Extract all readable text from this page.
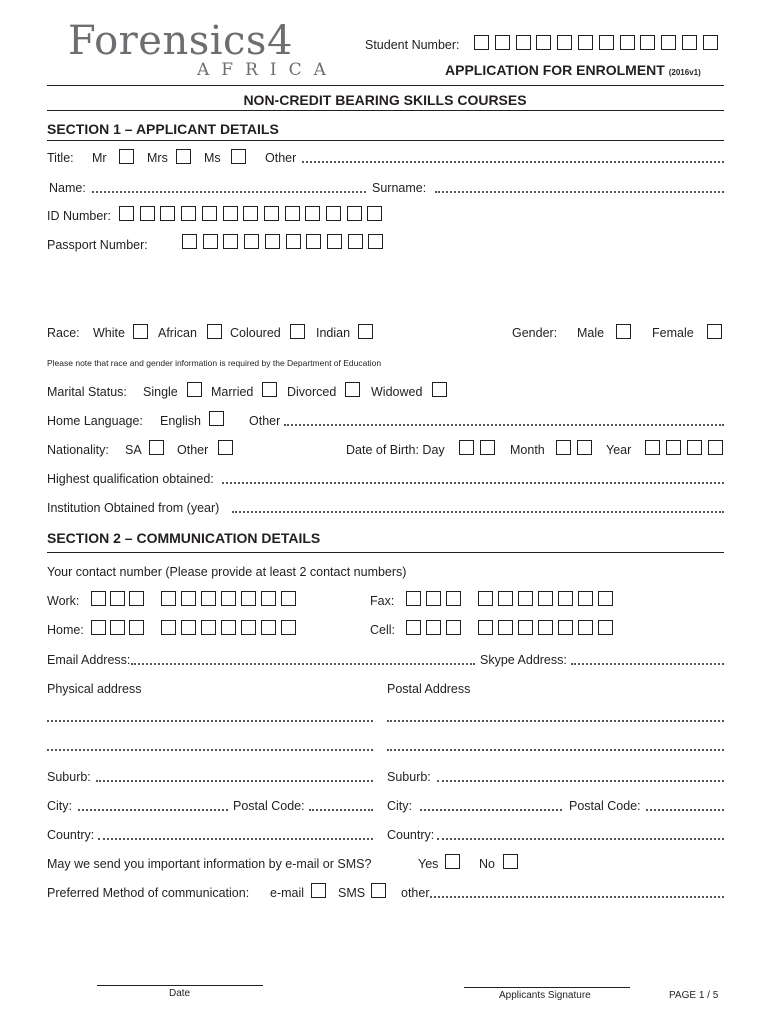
Forensics4
AFRICA
Student Number:
APPLICATION FOR ENROLMENT (2016v1)
NON-CREDIT BEARING SKILLS COURSES
SECTION 1 – APPLICANT DETAILS
Title: Mr	Mrs	Ms	Other
Name:	Surname:
ID Number:
Passport Number:
Race: White	African	Coloured	Indian	Gender: Male	Female
Please note that race and gender information is required by the Department of Education
Marital Status: Single	Married	Divorced	Widowed
Home Language: English	Other
Nationality: SA	Other	Date of Birth: Day	Month	Year
Highest qualification obtained:
Institution Obtained from (year)
SECTION 2 – COMMUNICATION DETAILS
Your contact number (Please provide at least 2 contact numbers)
Work:	Fax:
Home:	Cell:
Email Address:	Skype Address:
Physical address	Postal Address
Suburb:	Suburb:
City:	Postal Code:	City:	Postal Code:
Country:	Country:
May we send you important information by e-mail or SMS?	Yes	No
Preferred Method of communication: e-mail	SMS	other
Date	Applicants Signature	PAGE 1 / 5
